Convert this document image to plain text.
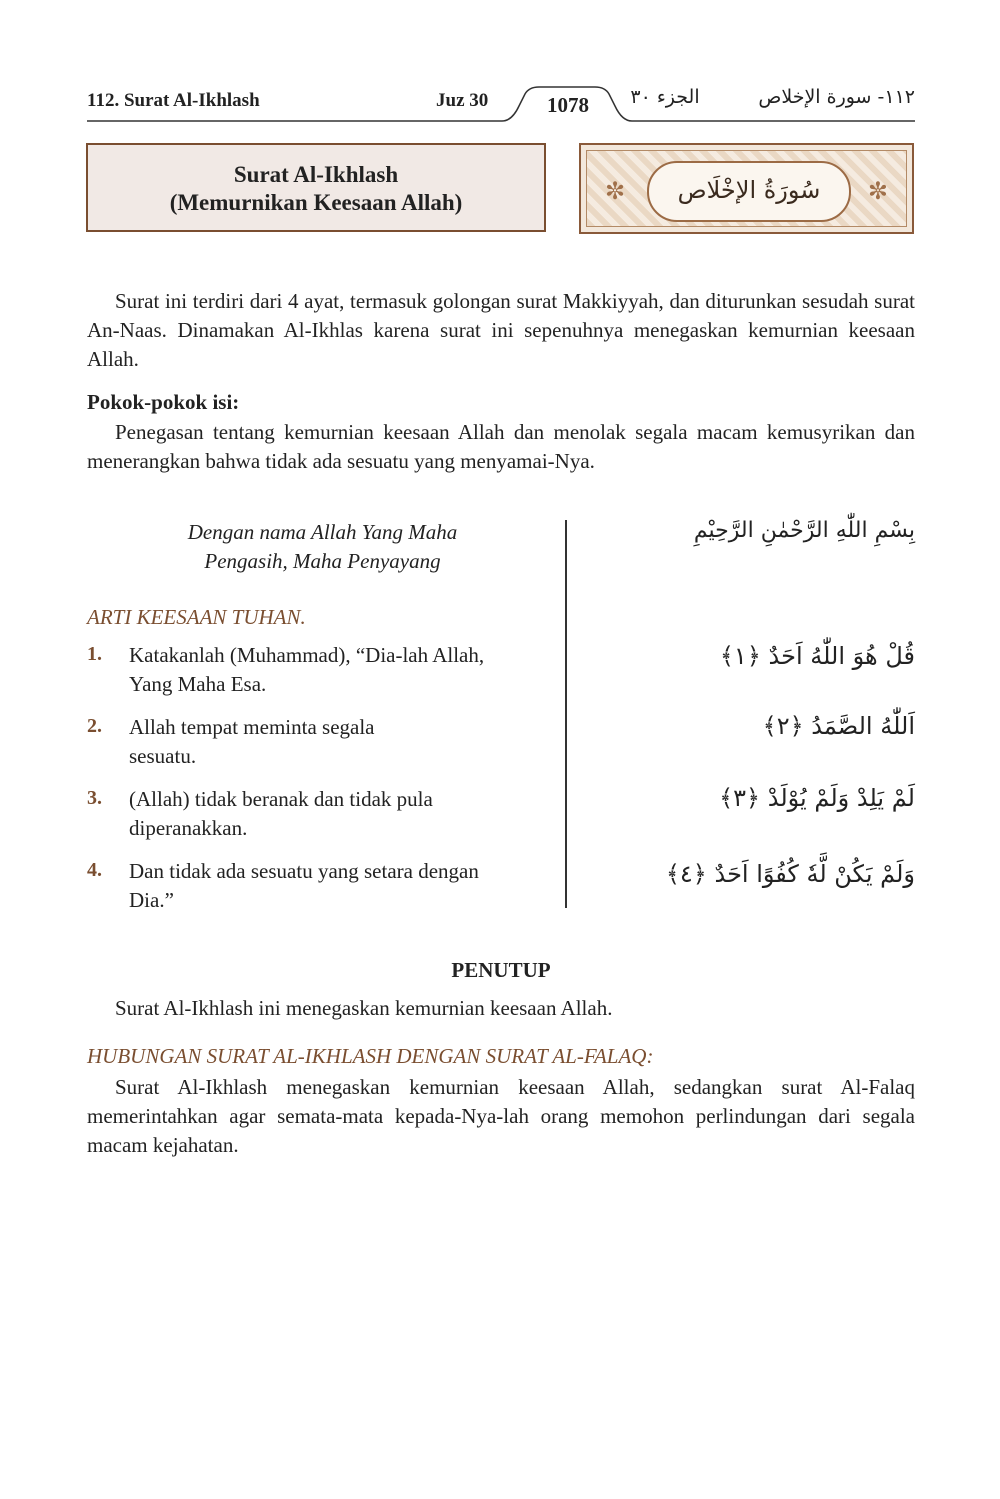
112. Surat Al-Ikhlash	Juz 30	1078	الجزء ٣٠	١١٢- سورة الإخلاص
Surat Al-Ikhlash
(Memurnikan Keesaan Allah)	✼	سُورَةُ الإخْلَاص	✼
Surat ini terdiri dari 4 ayat, termasuk golongan surat Makkiyyah, dan diturunkan sesudah surat An-Naas. Dinamakan Al-Ikhlas karena surat ini sepenuhnya menegaskan kemurnian keesaan Allah.
Pokok-pokok isi:
Penegasan tentang kemurnian keesaan Allah dan menolak segala macam kemusyrikan dan menerangkan bahwa tidak ada sesuatu yang menyamai-Nya.
Dengan nama Allah Yang Maha
Pengasih, Maha Penyayang
بِسْمِ اللّٰهِ الرَّحْمٰنِ الرَّحِيْمِ
ARTI KEESAAN TUHAN.
1.	Katakanlah (Muhammad), “Dia-lah Allah,
Yang Maha Esa.
قُلْ هُوَ اللّٰهُ اَحَدٌ ﴿١﴾
2.	Allah tempat meminta segala
sesuatu.
اَللّٰهُ الصَّمَدُ ﴿٢﴾
3.	(Allah) tidak beranak dan tidak pula
diperanakkan.
لَمْ يَلِدْ وَلَمْ يُوْلَدْ ﴿٣﴾
4.	Dan tidak ada sesuatu yang setara dengan
Dia.”
وَلَمْ يَكُنْ لَّهٗ كُفُوًا اَحَدٌ ﴿٤﴾
PENUTUP
Surat Al-Ikhlash ini menegaskan kemurnian keesaan Allah.
HUBUNGAN SURAT AL-IKHLASH DENGAN SURAT AL-FALAQ:
Surat Al-Ikhlash menegaskan kemurnian keesaan Allah, sedangkan surat Al-Falaq memerintahkan agar semata-mata kepada-Nya-lah orang memohon perlindungan dari segala macam kejahatan.
